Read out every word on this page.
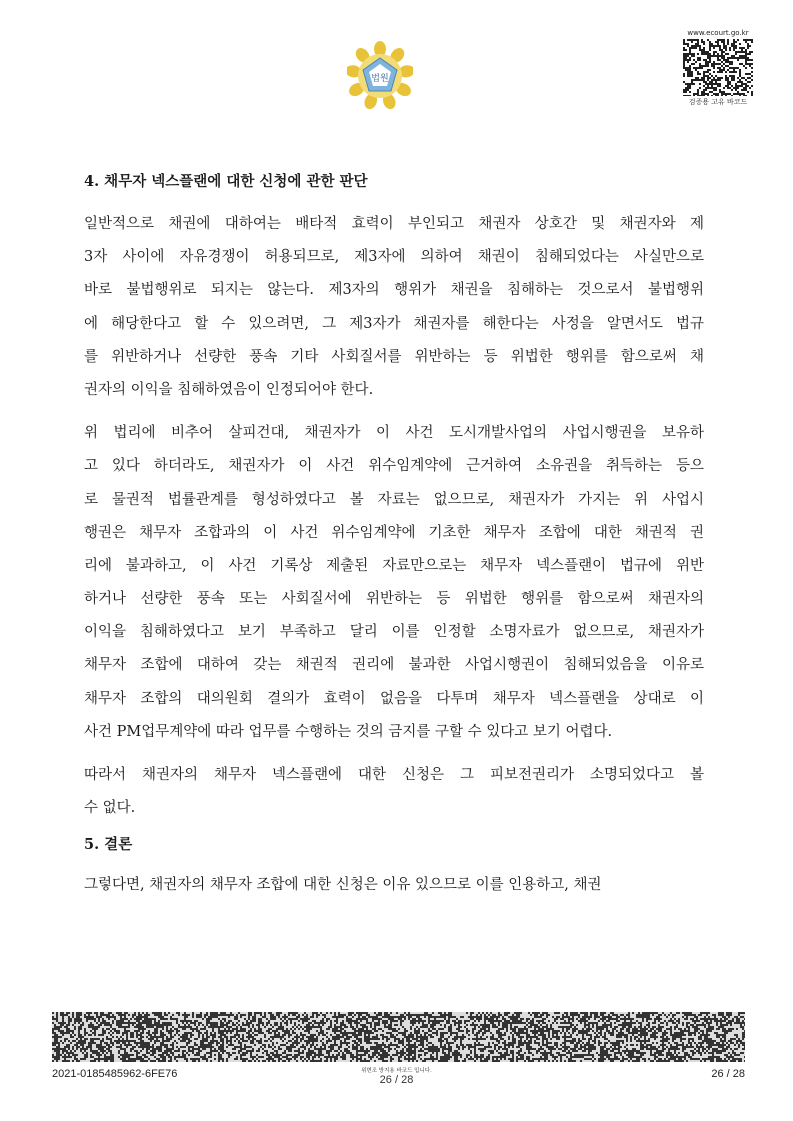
법원
www.ecourt.go.kr
검증용 고유 바코드
4. 채무자 넥스플랜에 대한 신청에 관한 판단
일반적으로 채권에 대하여는 배타적 효력이 부인되고 채권자 상호간 및 채권자와 제
3자 사이에 자유경쟁이 허용되므로, 제3자에 의하여 채권이 침해되었다는 사실만으로
바로 불법행위로 되지는 않는다. 제3자의 행위가 채권을 침해하는 것으로서 불법행위
에 해당한다고 할 수 있으려면, 그 제3자가 채권자를 해한다는 사정을 알면서도 법규
를 위반하거나 선량한 풍속 기타 사회질서를 위반하는 등 위법한 행위를 함으로써 채
권자의 이익을 침해하였음이 인정되어야 한다.
위 법리에 비추어 살피건대, 채권자가 이 사건 도시개발사업의 사업시행권을 보유하
고 있다 하더라도, 채권자가 이 사건 위수임계약에 근거하여 소유권을 취득하는 등으
로 물권적 법률관계를 형성하였다고 볼 자료는 없으므로, 채권자가 가지는 위 사업시
행권은 채무자 조합과의 이 사건 위수임계약에 기초한 채무자 조합에 대한 채권적 권
리에 불과하고, 이 사건 기록상 제출된 자료만으로는 채무자 넥스플랜이 법규에 위반
하거나 선량한 풍속 또는 사회질서에 위반하는 등 위법한 행위를 함으로써 채권자의
이익을 침해하였다고 보기 부족하고 달리 이를 인정할 소명자료가 없으므로, 채권자가
채무자 조합에 대하여 갖는 채권적 권리에 불과한 사업시행권이 침해되었음을 이유로
채무자 조합의 대의원회 결의가 효력이 없음을 다투며 채무자 넥스플랜을 상대로 이
사건 PM업무계약에 따라 업무를 수행하는 것의 금지를 구할 수 있다고 보기 어렵다.
따라서 채권자의 채무자 넥스플랜에 대한 신청은 그 피보전권리가 소명되었다고 볼
수 없다.
5. 결론
그렇다면, 채권자의 채무자 조합에 대한 신청은 이유 있으므로 이를 인용하고, 채권
2021-0185485962-6FE76	위변조 방지용 바코드 입니다.
26 / 28	26 / 28
